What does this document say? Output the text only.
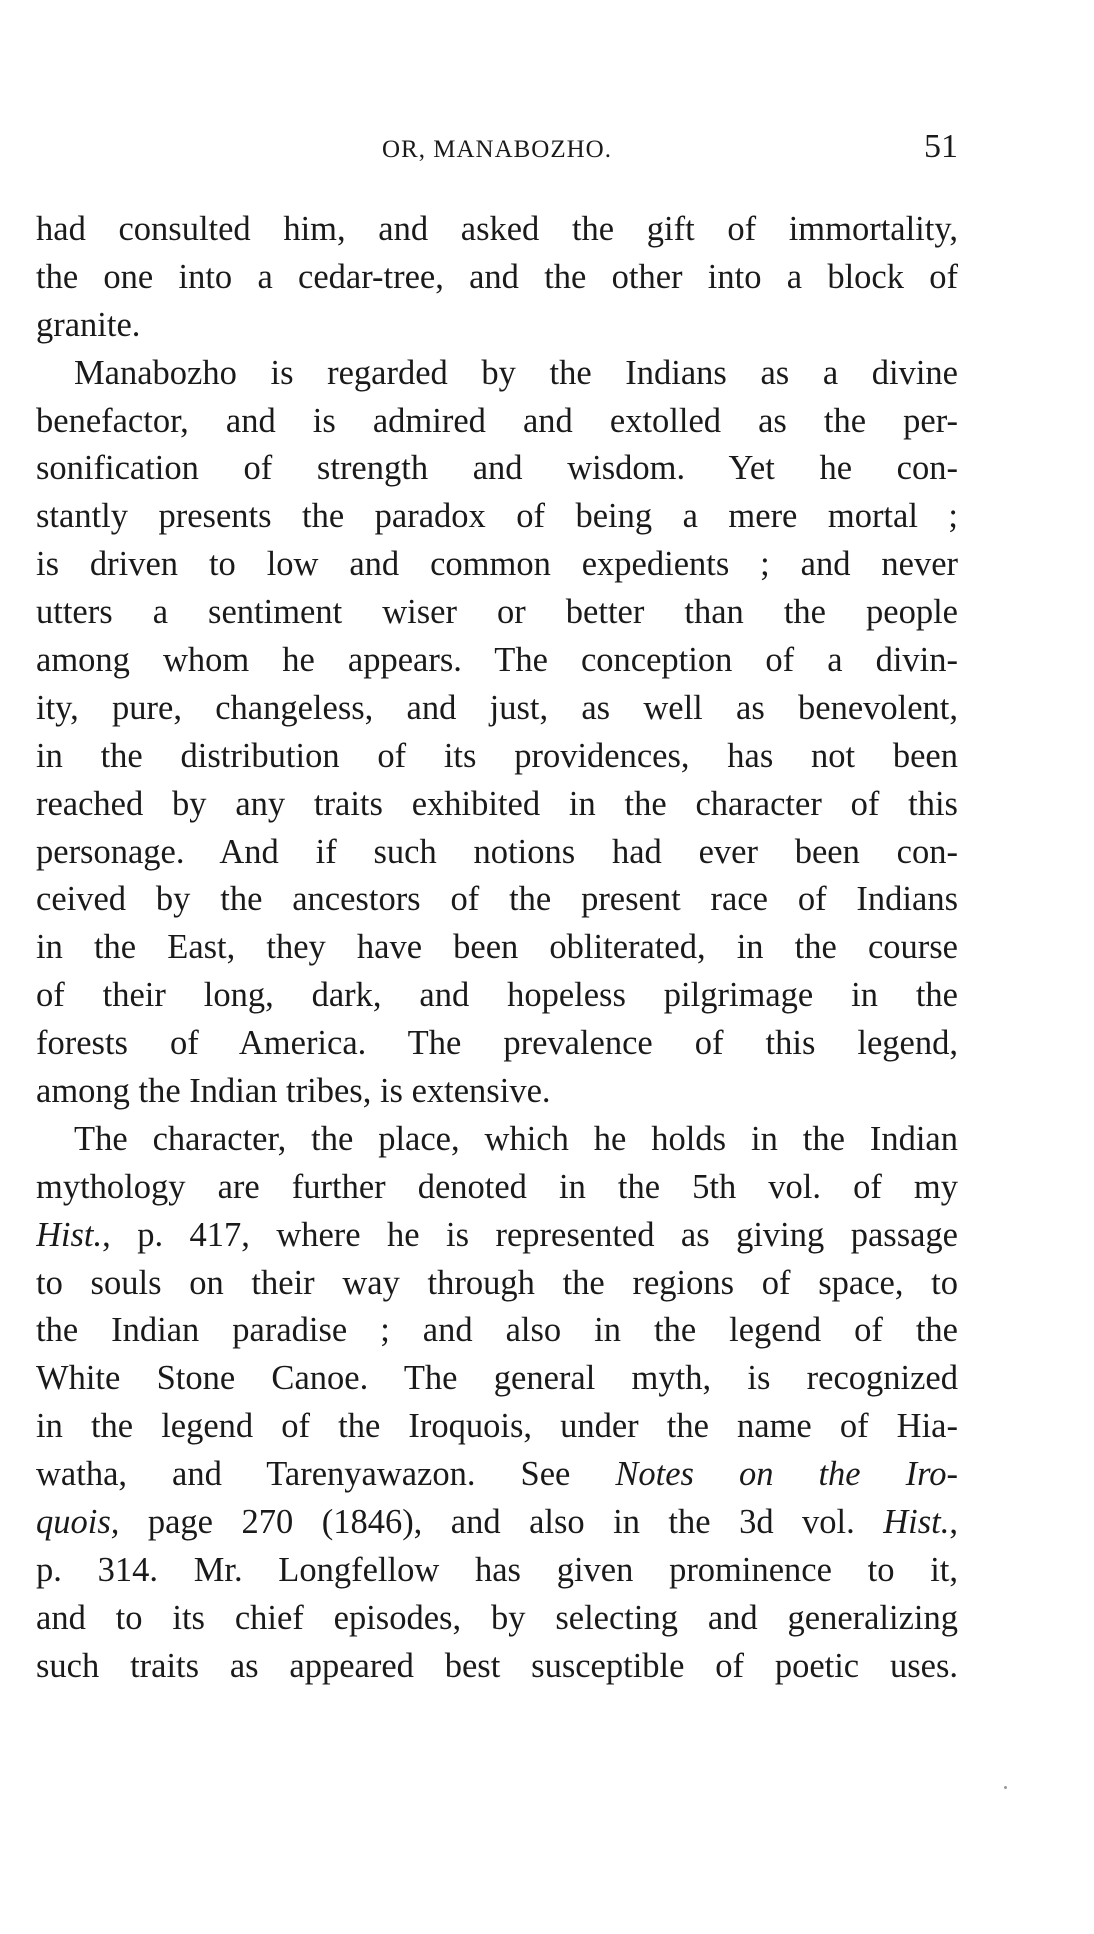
OR, MANABOZHO.	51
had consulted him, and asked the gift of immortality,
the one into a cedar-tree, and the other into a block of
granite.
Manabozho is regarded by the Indians as a divine
benefactor, and is admired and extolled as the per-
sonification of strength and wisdom. Yet he con-
stantly presents the paradox of being a mere mortal ;
is driven to low and common expedients ; and never
utters a sentiment wiser or better than the people
among whom he appears. The conception of a divin-
ity, pure, changeless, and just, as well as benevolent,
in the distribution of its providences, has not been
reached by any traits exhibited in the character of this
personage. And if such notions had ever been con-
ceived by the ancestors of the present race of Indians
in the East, they have been obliterated, in the course
of their long, dark, and hopeless pilgrimage in the
forests of America. The prevalence of this legend,
among the Indian tribes, is extensive.
The character, the place, which he holds in the Indian
mythology are further denoted in the 5th vol. of my
Hist., p. 417, where he is represented as giving passage
to souls on their way through the regions of space, to
the Indian paradise ; and also in the legend of the
White Stone Canoe. The general myth, is recognized
in the legend of the Iroquois, under the name of Hia-
watha, and Tarenyawazon. See Notes on the Iro-
quois, page 270 (1846), and also in the 3d vol. Hist.,
p. 314. Mr. Longfellow has given prominence to it,
and to its chief episodes, by selecting and generalizing
such traits as appeared best susceptible of poetic uses.
